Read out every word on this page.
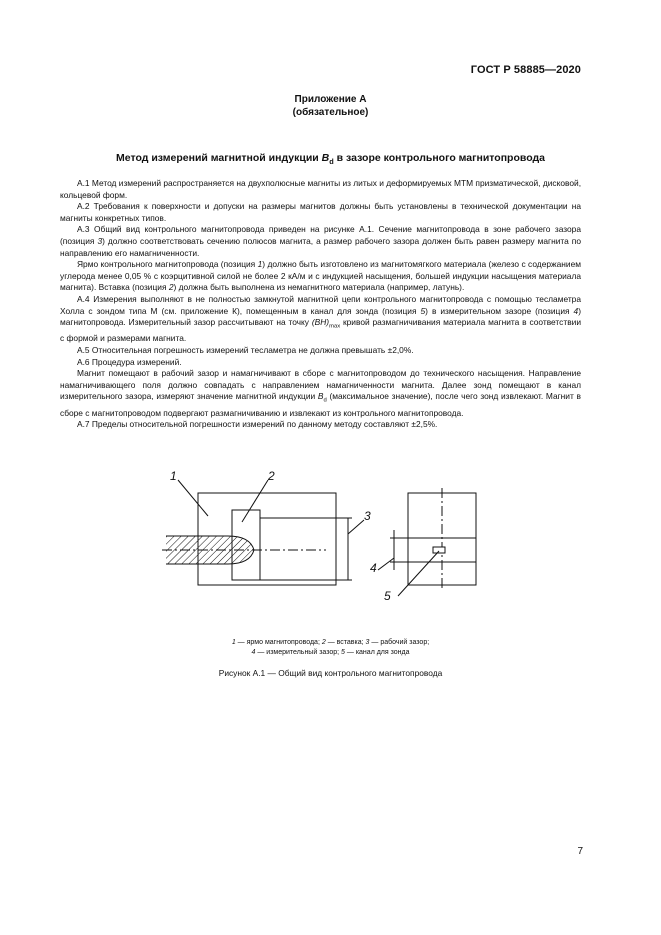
ГОСТ Р 58885—2020
Приложение А
(обязательное)
Метод измерений магнитной индукции $B_d$ в зазоре контрольного магнитопровода

А.1 Метод измерений распространяется на двухполюсные магниты из литых и деформируемых МТМ призматической, дисковой, кольцевой форм.

А.2 Требования к поверхности и допуски на размеры магнитов должны быть установлены в технической документации на магниты конкретных типов.

А.3 Общий вид контрольного магнитопровода приведен на рисунке А.1. Сечение магнитопровода в зоне рабочего зазора (позиция 3) должно соответствовать сечению полюсов магнита, а размер рабочего зазора должен быть равен размеру магнита по направлению его намагниченности.

Ярмо контрольного магнитопровода (позиция 1) должно быть изготовлено из магнитомягкого материала (железо с содержанием углерода менее 0,05 % с коэрцитивной силой не более 2 кА/м и с индукцией насыщения, большей индукции насыщения материала магнита). Вставка (позиция 2) должна быть выполнена из немагнитного материала (например, латунь).

А.4 Измерения выполняют в не полностью замкнутой магнитной цепи контрольного магнитопровода с помощью тесламетра Холла с зондом типа М (см. приложение К), помещенным в канал для зонда (позиция 5) в измерительном зазоре (позиция 4) магнитопровода. Измерительный зазор рассчитывают на точку $(BH)_{max}$ кривой размагничивания материала магнита в соответствии с формой и размерами магнита.

А.5 Относительная погрешность измерений тесламетра не должна превышать ±2,0%.

А.6 Процедура измерений.

Магнит помещают в рабочий зазор и намагничивают в сборе с магнитопроводом до технического насыщения. Направление намагничивающего поля должно совпадать с направлением намагниченности магнита. Далее зонд помещают в канал измерительного зазора, измеряют значение магнитной индукции $B_d$ (максимальное значение), после чего зонд извлекают. Магнит в сборе с магнитопроводом подвергают размагничиванию и извлекают из контрольного магнитопровода.

А.7 Пределы относительной погрешности измерений по данному методу составляют ±2,5%.

1	2
3
4
5
1 — ярмо магнитопровода; 2 — вставка; 3 — рабочий зазор;
4 — измерительный зазор; 5 — канал для зонда
Рисунок А.1 — Общий вид контрольного магнитопровода
7
